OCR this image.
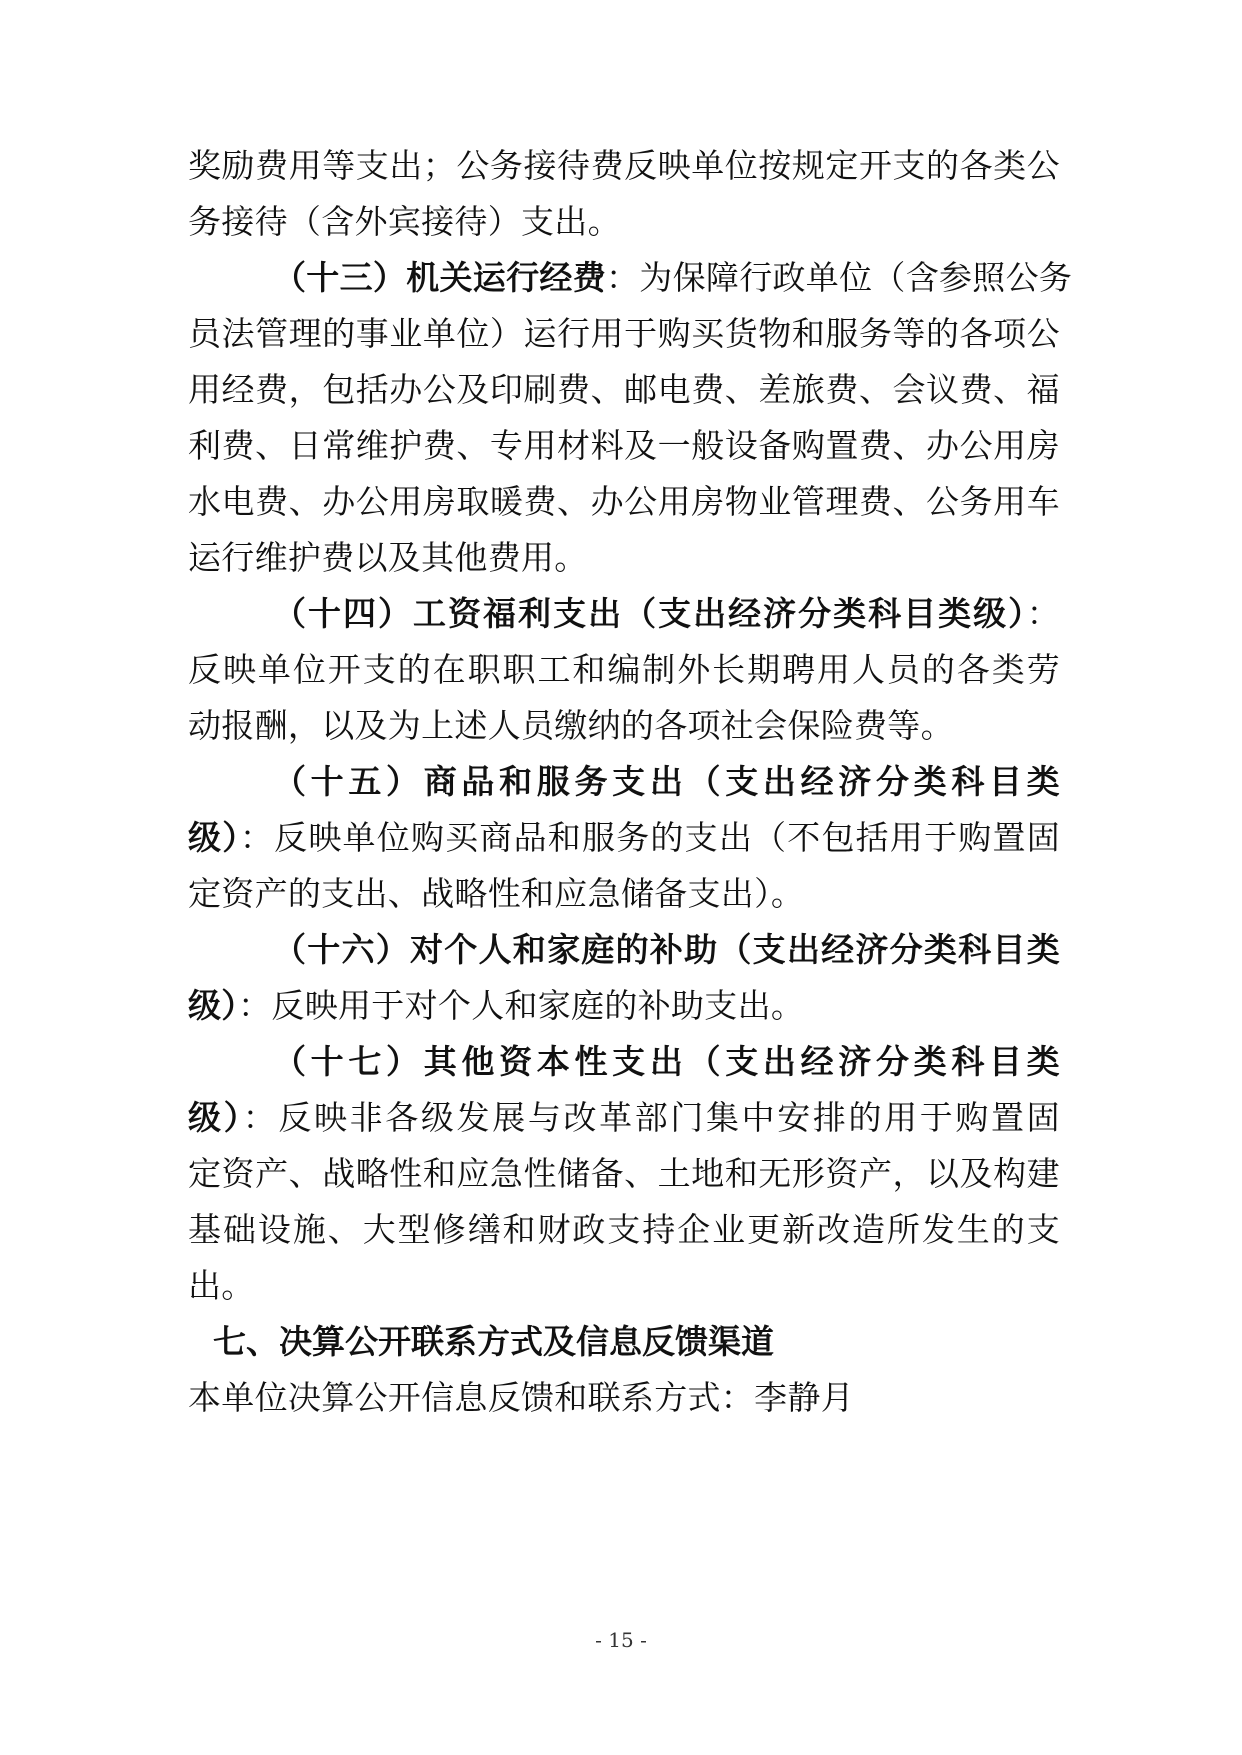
奖励费用等支出；公务接待费反映单位按规定开支的各类公
务接待（含外宾接待）支出。
（十三）机关运行经费：为保障行政单位（含参照公务
员法管理的事业单位）运行用于购买货物和服务等的各项公
用经费，包括办公及印刷费、邮电费、差旅费、会议费、福
利费、日常维护费、专用材料及一般设备购置费、办公用房
水电费、办公用房取暖费、办公用房物业管理费、公务用车
运行维护费以及其他费用。
（十四）工资福利支出（支出经济分类科目类级）：
反映单位开支的在职职工和编制外长期聘用人员的各类劳
动报酬，以及为上述人员缴纳的各项社会保险费等。
（十五）商品和服务支出（支出经济分类科目类
级）：反映单位购买商品和服务的支出（不包括用于购置固
定资产的支出、战略性和应急储备支出）。
（十六）对个人和家庭的补助（支出经济分类科目类
级）：反映用于对个人和家庭的补助支出。
（十七）其他资本性支出（支出经济分类科目类
级）：反映非各级发展与改革部门集中安排的用于购置固
定资产、战略性和应急性储备、土地和无形资产，以及构建
基础设施、大型修缮和财政支持企业更新改造所发生的支
出。
七、决算公开联系方式及信息反馈渠道
本单位决算公开信息反馈和联系方式：李静月
- 15 -
